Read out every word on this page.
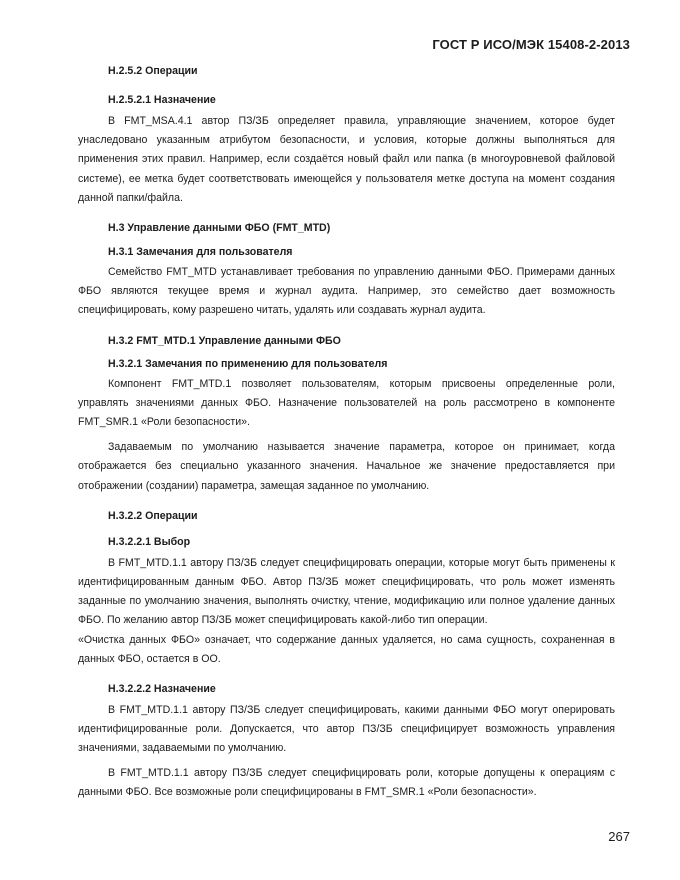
ГОСТ Р ИСО/МЭК 15408-2-2013
H.2.5.2 Операции
H.2.5.2.1 Назначение
В FMT_MSA.4.1 автор ПЗ/ЗБ определяет правила, управляющие значением, которое будет унаследовано указанным атрибутом безопасности, и условия, которые должны выполняться для применения этих правил. Например, если создаётся новый файл или папка (в многоуровневой файловой системе), ее метка будет соответствовать имеющейся у пользователя метке доступа на момент создания данной папки/файла.
H.3 Управление данными ФБО (FMT_MTD)
H.3.1 Замечания для пользователя
Семейство FMT_MTD устанавливает требования по управлению данными ФБО. Примерами данных ФБО являются текущее время и журнал аудита. Например, это семейство дает возможность специфицировать, кому разрешено читать, удалять или создавать журнал аудита.
H.3.2 FMT_MTD.1 Управление данными ФБО
H.3.2.1 Замечания по применению для пользователя
Компонент FMT_MTD.1 позволяет пользователям, которым присвоены определенные роли, управлять значениями данных ФБО. Назначение пользователей на роль рассмотрено в компоненте FMT_SMR.1 «Роли безопасности».
Задаваемым по умолчанию называется значение параметра, которое он принимает, когда отображается без специально указанного значения. Начальное же значение предоставляется при отображении (создании) параметра, замещая заданное по умолчанию.
H.3.2.2 Операции
H.3.2.2.1 Выбор
В FMT_MTD.1.1 автору ПЗ/ЗБ следует специфицировать операции, которые могут быть применены к идентифицированным данным ФБО. Автор ПЗ/ЗБ может специфицировать, что роль может изменять заданные по умолчанию значения, выполнять очистку, чтение, модификацию или полное удаление данных ФБО. По желанию автор ПЗ/ЗБ может специфицировать какой-либо тип операции.
«Очистка данных ФБО» означает, что содержание данных удаляется, но сама сущность, сохраненная в данных ФБО, остается в ОО.
H.3.2.2.2 Назначение
В FMT_MTD.1.1 автору ПЗ/ЗБ следует специфицировать, какими данными ФБО могут оперировать идентифицированные роли. Допускается, что автор ПЗ/ЗБ специфицирует возможность управления значениями, задаваемыми по умолчанию.
В FMT_MTD.1.1 автору ПЗ/ЗБ следует специфицировать роли, которые допущены к операциям с данными ФБО. Все возможные роли специфицированы в FMT_SMR.1 «Роли безопасности».
267
